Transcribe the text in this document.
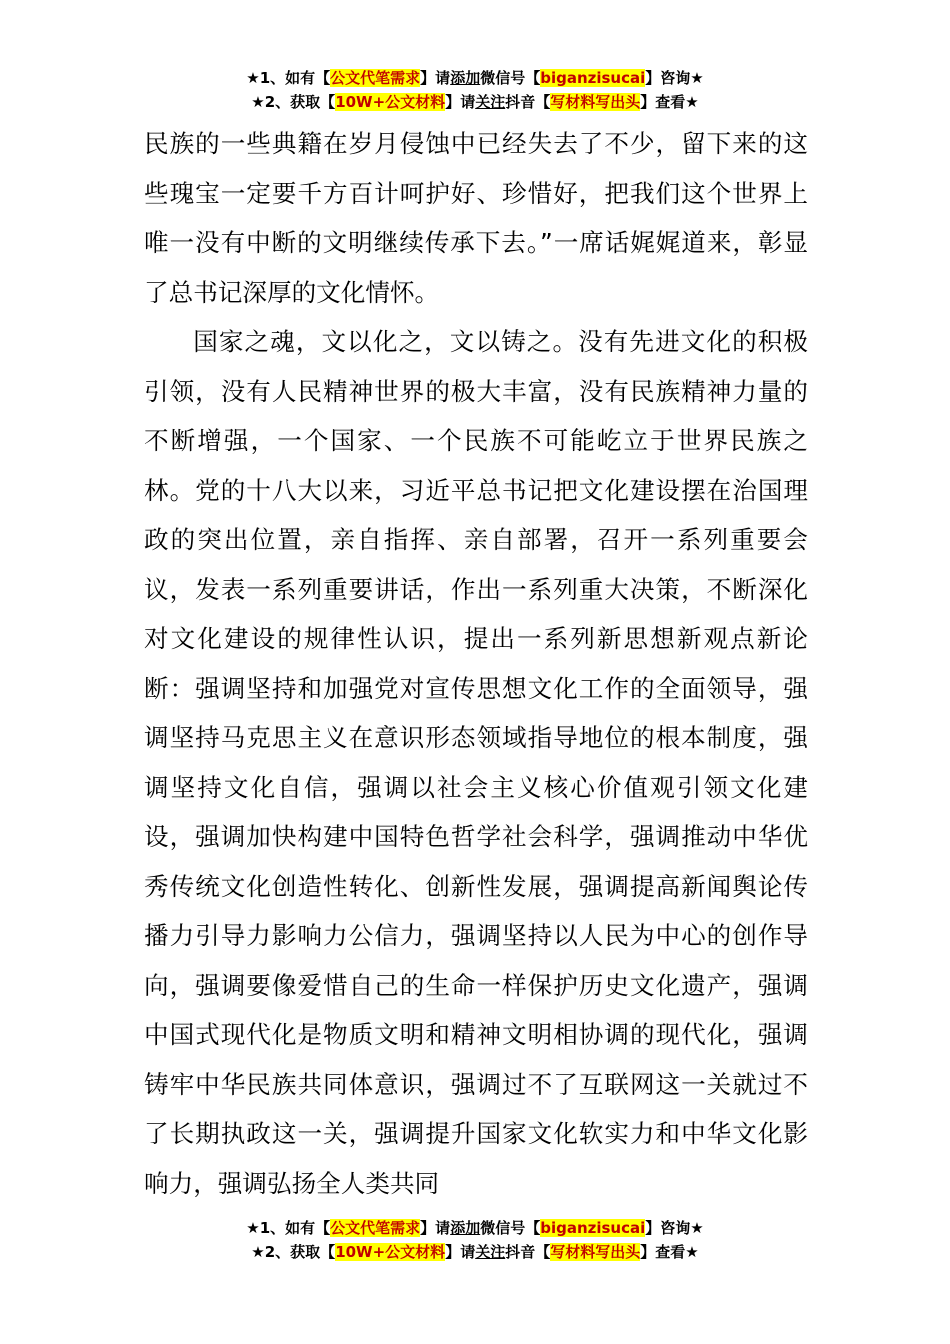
★1、如有【公文代笔需求】请添加微信号【biganzisucai】咨询★
★2、获取【10W+公文材料】请关注抖音【写材料写出头】查看★

民族的一些典籍在岁月侵蚀中已经失去了不少，留下来的这些瑰宝一定要千方百计呵护好、珍惜好，把我们这个世界上唯一没有中断的文明继续传承下去。”一席话娓娓道来，彰显了总书记深厚的文化情怀。

国家之魂，文以化之，文以铸之。没有先进文化的积极引领，没有人民精神世界的极大丰富，没有民族精神力量的不断增强，一个国家、一个民族不可能屹立于世界民族之林。党的十八大以来，习近平总书记把文化建设摆在治国理政的突出位置，亲自指挥、亲自部署，召开一系列重要会议，发表一系列重要讲话，作出一系列重大决策，不断深化对文化建设的规律性认识，提出一系列新思想新观点新论断：强调坚持和加强党对宣传思想文化工作的全面领导，强调坚持马克思主义在意识形态领域指导地位的根本制度，强调坚持文化自信，强调以社会主义核心价值观引领文化建设，强调加快构建中国特色哲学社会科学，强调推动中华优秀传统文化创造性转化、创新性发展，强调提高新闻舆论传播力引导力影响力公信力，强调坚持以人民为中心的创作导向，强调要像爱惜自己的生命一样保护历史文化遗产，强调中国式现代化是物质文明和精神文明相协调的现代化，强调铸牢中华民族共同体意识，强调过不了互联网这一关就过不了长期执政这一关，强调提升国家文化软实力和中华文化影响力，强调弘扬全人类共同

★1、如有【公文代笔需求】请添加微信号【biganzisucai】咨询★
★2、获取【10W+公文材料】请关注抖音【写材料写出头】查看★
